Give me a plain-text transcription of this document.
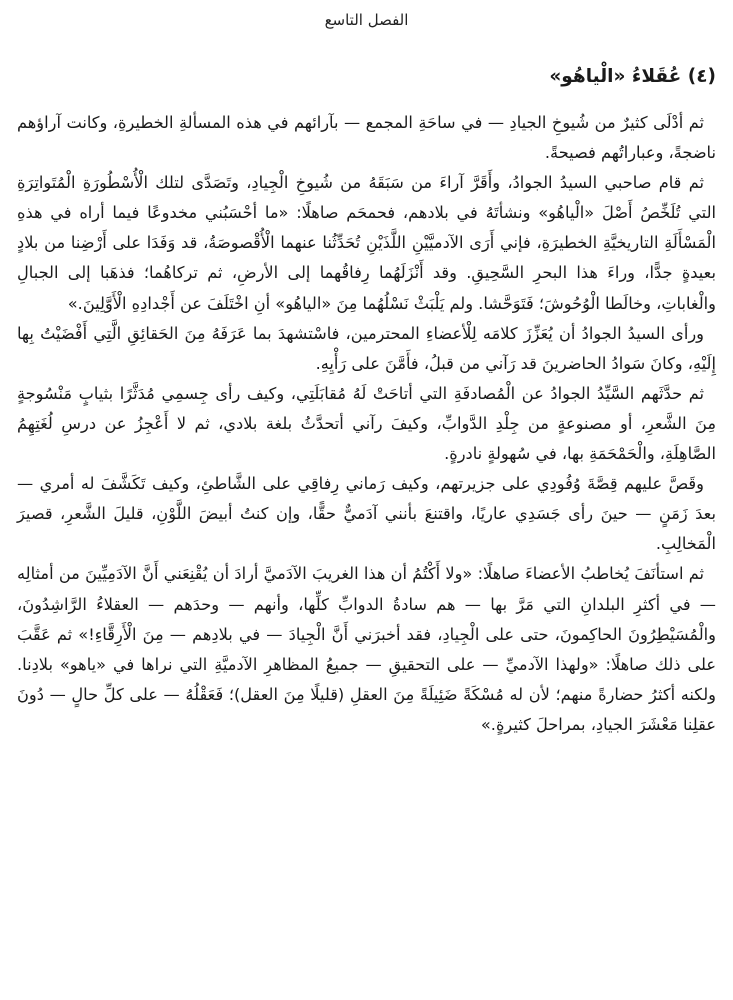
الفصل التاسع
(٤) عُقَلاءُ «الْياهُو»

ثم أدْلَى كثيرٌ من شُيوخِ الجيادِ — في ساحَةِ المجمع — بآرائهم في هذه المسألةِ الخطيرةِ، وكانت آراؤهم ناضجةً، وعباراتُهم فصيحةً.

ثم قام صاحبي السيدُ الجوادُ، وأَقَرَّ آراءَ من سَبَقَهُ من شُيوخِ الْجِيادِ، وتَصَدَّى لتلك الْأُسْطُورَةِ الْمُتَواتِرَةِ التي تُلَخِّصُ أَصْلَ «الْياهُو» ونشأتَهُ في بلادهم، فحمحَم صاهلًا: «ما أحْسَبُني مخدوعًا فيما أراه في هذهِ الْمَسْأَلَةِ التاريخيَّةِ الخطيرَةِ، فإني أَرَى الآدميَّيْنِ اللَّذَيْنِ تُحَدِّثُنا عنهما الْأُقْصوصَةُ، قد وَفَدَا على أَرْضِنا من بلادٍ بعيدةٍ جدًّا، وراءَ هذا البحرِ السَّحِيقِ. وقد أَنْزَلَهُما رِفاقُهما إلى الأرضِ، ثم تركاهُما؛ فذهَبا إلى الجبالِ والْغاباتِ، وخالَطا الْوُحُوشَ؛ فَتَوَحَّشا. ولم يَلْبَثْ نَسْلُهُما مِنَ «الياهُو» أنِ اخْتَلَفَ عن أَجْدادِهِ الْأَوَّلِينَ.»

ورأى السيدُ الجوادُ أن يُعَزِّزَ كلامَه لِلْأعضاءِ المحترمين، فاسْتشهدَ بما عَرَفَهُ مِنَ الحَقائِقِ الَّتِي أَفْضَيْتُ بِها إِلَيْهِ، وكانَ سَوادُ الحاضرينَ قد رَآني من قبلُ، فأَمَّنَ على رَأْيِهِ.

ثم حدَّثَهم السَّيِّدُ الجوادُ عن الْمُصادفَةِ التي أتاحَتْ لَهُ مُقابَلَتِي، وكيف رأى جِسمِي مُدَثَّرًا بثيابٍ مَنْسُوجةٍ مِنَ الشَّعرِ، أو مصنوعةٍ من جِلْدِ الدَّوابِّ، وكيفَ رآني أتحدَّثُ بلغة بلادي، ثم لا أَعْجِزُ عن درسِ لُغَتِهِمُ الصَّاهِلَةِ، والْحَمْحَمَةِ بها، في سُهولةٍ نادرةٍ.

وقَصَّ عليهم قِصَّةَ وُفُودِي على جزيرتهم، وكيف رَماني رِفاقِي على الشَّاطئِ، وكيف تَكَشَّفَ له أمري — بعدَ زَمَنٍ — حينَ رأى جَسَدِي عاريًا، واقتنعَ بأنني آدَميٌّ حقًّا، وإن كنتُ أبيضَ اللَّوْنِ، قليلَ الشَّعرِ، قصيرَ الْمَخالِبِ.

ثم استأنَفَ يُخاطبُ الأعضاءَ صاهلًا: «ولا أَكْتُمُ أن هذا الغريبَ الآدَميَّ أرادَ أن يُقْنِعَني أَنَّ الآدَمِيِّينَ من أمثالِه — في أكثرِ البلدانِ التي مَرَّ بها — هم سادةُ الدوابِّ كلِّها، وأنهم — وحدَهم — العقلاءُ الرَّاشِدُونَ، والْمُسَيْطِرُونَ الحاكِمونَ، حتى على الْجِيادِ، فقد أخبرَني أَنَّ الْجِيادَ — في بلادِهم — مِنَ الْأَرِقَّاءِ!» ثم عَقَّبَ على ذلك صاهلًا: «ولهذا الآدميِّ — على التحقيقِ — جميعُ المظاهرِ الآدميَّةِ التي نراها في «ياهو» بلادِنا. ولكنه أكثرُ حضارةً منهم؛ لأن له مُسْكَةً ضَئِيلَةً مِنَ العقلِ (قليلًا مِنَ العقل)؛ فَعَقْلُهُ — على كلِّ حالٍ — دُونَ عقلِنا مَعْشَرَ الجيادِ، بمراحلَ كثيرةٍ.»
